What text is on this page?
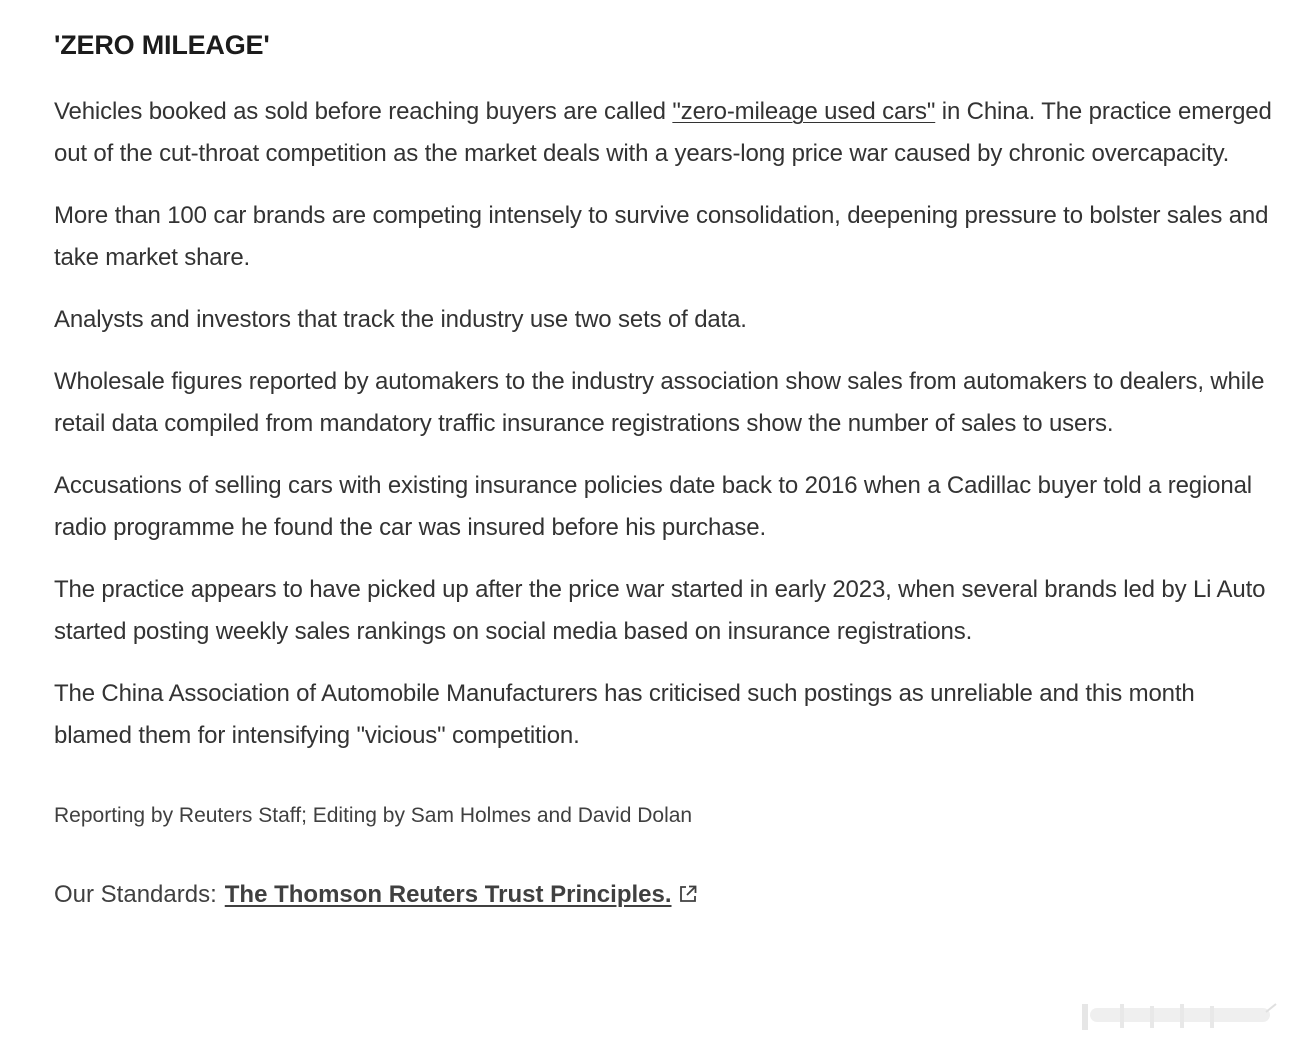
'ZERO MILEAGE'

Vehicles booked as sold before reaching buyers are called "zero-mileage used cars" in China. The practice emerged out of the cut-throat competition as the market deals with a years-long price war caused by chronic overcapacity.

More than 100 car brands are competing intensely to survive consolidation, deepening pressure to bolster sales and take market share.

Analysts and investors that track the industry use two sets of data.

Wholesale figures reported by automakers to the industry association show sales from automakers to dealers, while retail data compiled from mandatory traffic insurance registrations show the number of sales to users.

Accusations of selling cars with existing insurance policies date back to 2016 when a Cadillac buyer told a regional radio programme he found the car was insured before his purchase.

The practice appears to have picked up after the price war started in early 2023, when several brands led by Li Auto started posting weekly sales rankings on social media based on insurance registrations.

The China Association of Automobile Manufacturers has criticised such postings as unreliable and this month blamed them for intensifying "vicious" competition.

Reporting by Reuters Staff; Editing by Sam Holmes and David Dolan

Our Standards: The Thomson Reuters Trust Principles.
